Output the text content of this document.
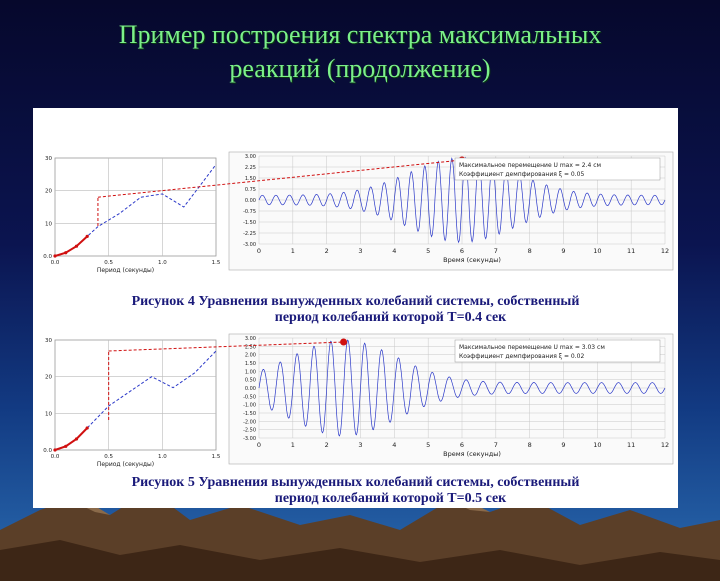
Пример построения спектра максимальных
реакций (продолжение)
0.0	0.5	1.0	1.5
30
20
10
0.0
Период (секунды)
3.00
2.25
1.50
0.75
0.00
-0.75
-1.50
-2.25
-3.00
0	1	2	3	4	5	6	7	8	9	10	11	12
Время (секунды)
Максимальное перемещение U max = 2.4 см
Коэффициент демпфирования ξ = 0.05
Рисунок 4 Уравнения вынужденных колебаний системы, собственный
период колебаний которой Т=0.4 сек
0.0	0.5	1.0	1.5
30
20
10
0.0
Период (секунды)
3.00
2.50
2.00
1.50
1.00
0.50
0.00
-0.50
-1.00
-1.50
-2.00
-2.50
-3.00
0	1	2	3	4	5	6	7	8	9	10	11	12
Время (секунды)
Максимальное перемещение U max = 3.03 см
Коэффициент демпфирования ξ = 0.02
Рисунок 5 Уравнения вынужденных колебаний системы, собственный
период колебаний которой Т=0.5 сек
